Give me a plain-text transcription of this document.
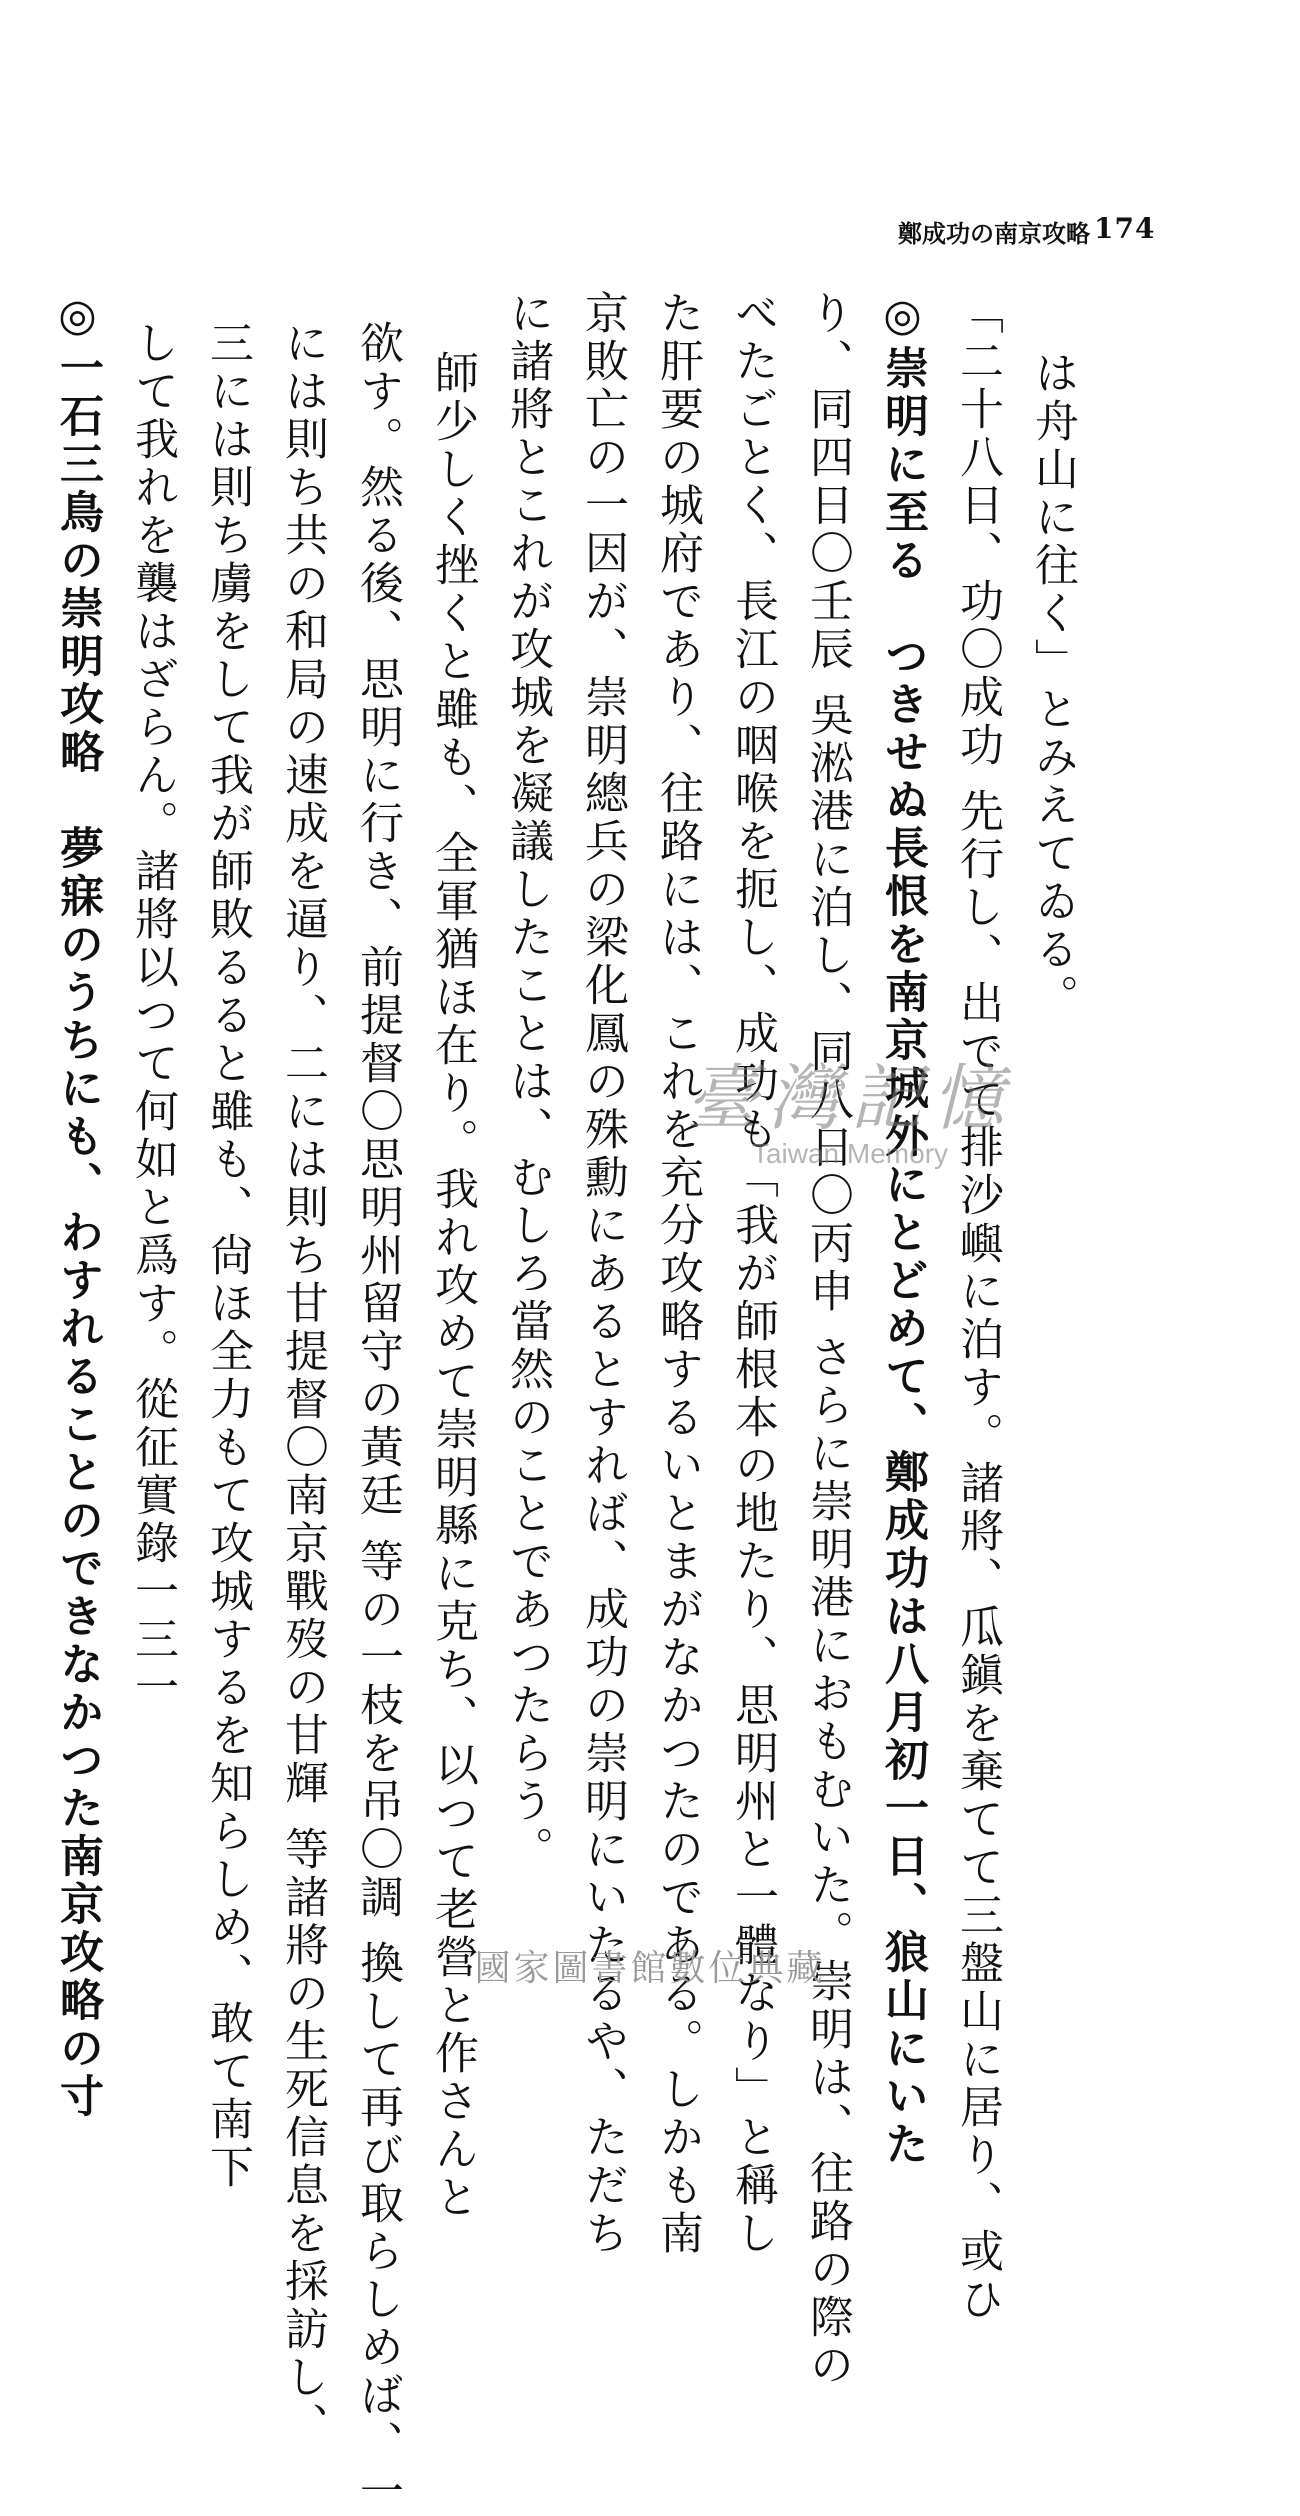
174
鄭成功の南京攻略

は舟山に往く」とみえてゐる。

「二十八日、功〇成功 先行し、出でて排沙嶼に泊す。諸將、瓜鎭を棄てて三盤山に居り、或ひ

◎崇明に至る　つきせぬ長恨を南京城外にとどめて、鄭成功は八月初一日、狼山にいた

り、同四日〇壬辰 吳淞港に泊し、同八日〇丙申 さらに崇明港におもむいた。崇明は、往路の際の

べたごとく、長江の咽喉を扼し、成功も「我が師根本の地たり、思明州と一體なり」と稱し

た肝要の城府であり、往路には、これを充分攻略するいとまがなかつたのである。しかも南

京敗亡の一因が、崇明總兵の梁化鳳の殊勳にあるとすれば、成功の崇明にいたるや、ただち

に諸將とこれが攻城を凝議したことは、むしろ當然のことであつたらう。

師少しく挫くと雖も、全軍猶ほ在り。我れ攻めて崇明縣に克ち、以つて老營と作さんと

欲す。然る後、思明に行き、前提督〇思明州留守の黃廷 等の一枝を吊〇調 換して再び取らしめば、一

には則ち共の和局の速成を逼り、二には則ち甘提督〇南京戰歿の甘輝 等諸將の生死信息を採訪し、

三には則ち虜をして我が師敗るると雖も、尙ほ全力もて攻城するを知らしめ、敢て南下

して我れを襲はざらん。諸將以つて何如と爲す。從征實錄一三一

◎一石三鳥の崇明攻略　夢寐のうちにも、わすれることのできなかつた南京攻略の寸	臺灣記憶
Taiwan Memory
國家圖書館數位典藏
